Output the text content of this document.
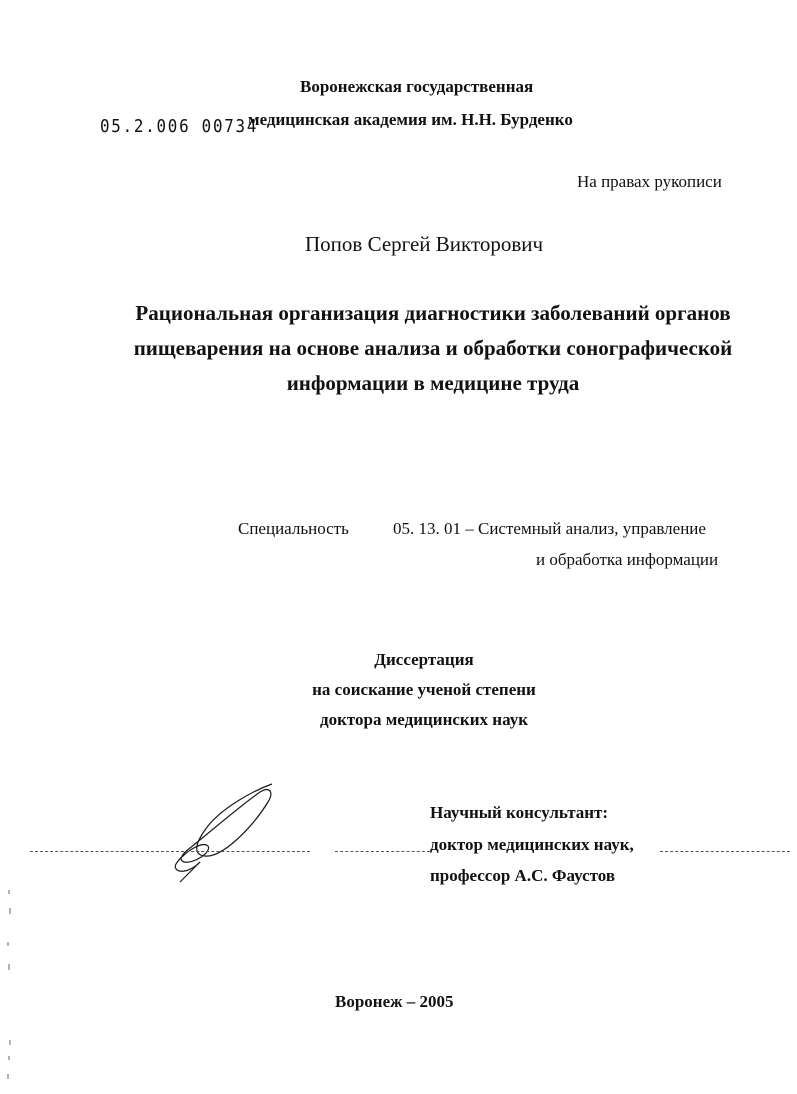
Воронежская государственная
05.2.006 00734
медицинская академия им. Н.Н. Бурденко
На правах рукописи
Попов Сергей Викторович
Рациональная организация диагностики заболеваний органов
пищеварения на основе анализа и обработки сонографической
информации в медицине труда
Специальность	05. 13. 01 – Системный анализ, управление
и обработка информации
Диссертация
на соискание ученой степени
доктора медицинских наук
Научный консультант:
доктор медицинских наук,
профессор А.С. Фаустов
Воронеж – 2005
